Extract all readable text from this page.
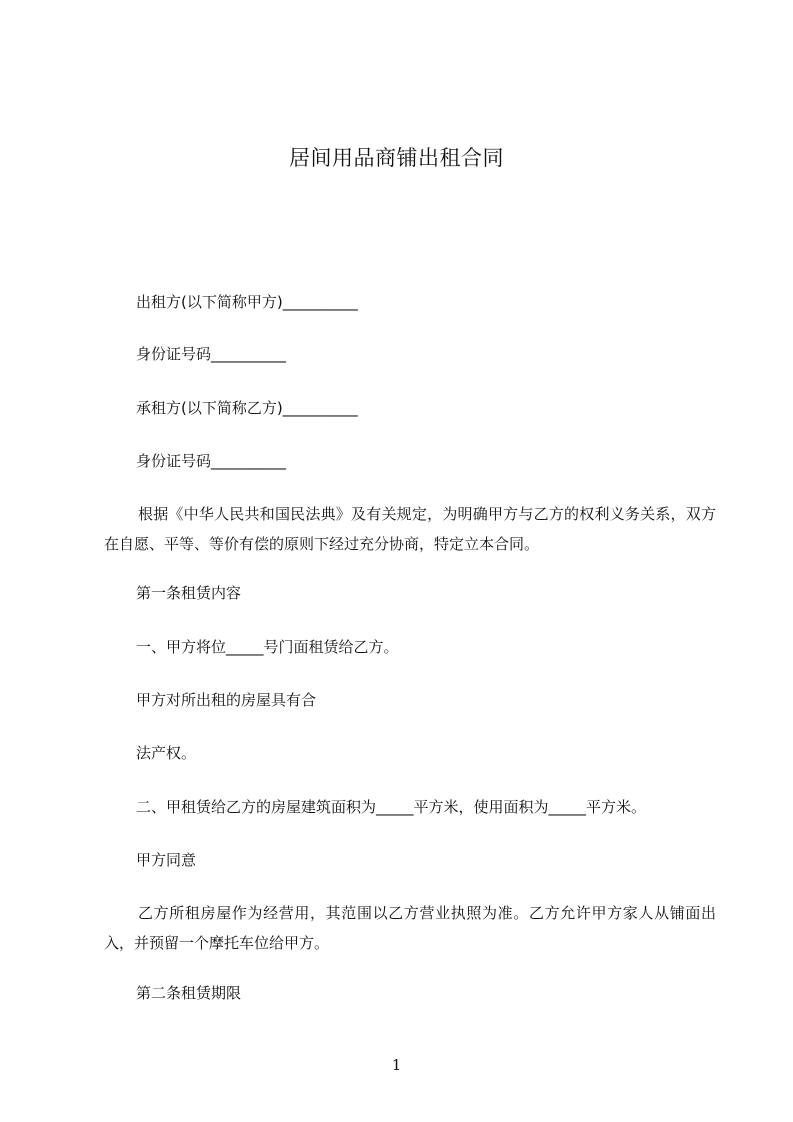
居间用品商铺出租合同
出租方(以下简称甲方)__________
身份证号码__________
承租方(以下简称乙方)__________
身份证号码__________
根据《中华人民共和国民法典》及有关规定，为明确甲方与乙方的权利义务关系，双方在自愿、平等、等价有偿的原则下经过充分协商，特定立本合同。
第一条租赁内容
一、甲方将位_____号门面租赁给乙方。
甲方对所出租的房屋具有合
法产权。
二、甲租赁给乙方的房屋建筑面积为_____平方米，使用面积为_____平方米。
甲方同意
乙方所租房屋作为经营用，其范围以乙方营业执照为准。乙方允许甲方家人从铺面出入，并预留一个摩托车位给甲方。
第二条租赁期限
1
